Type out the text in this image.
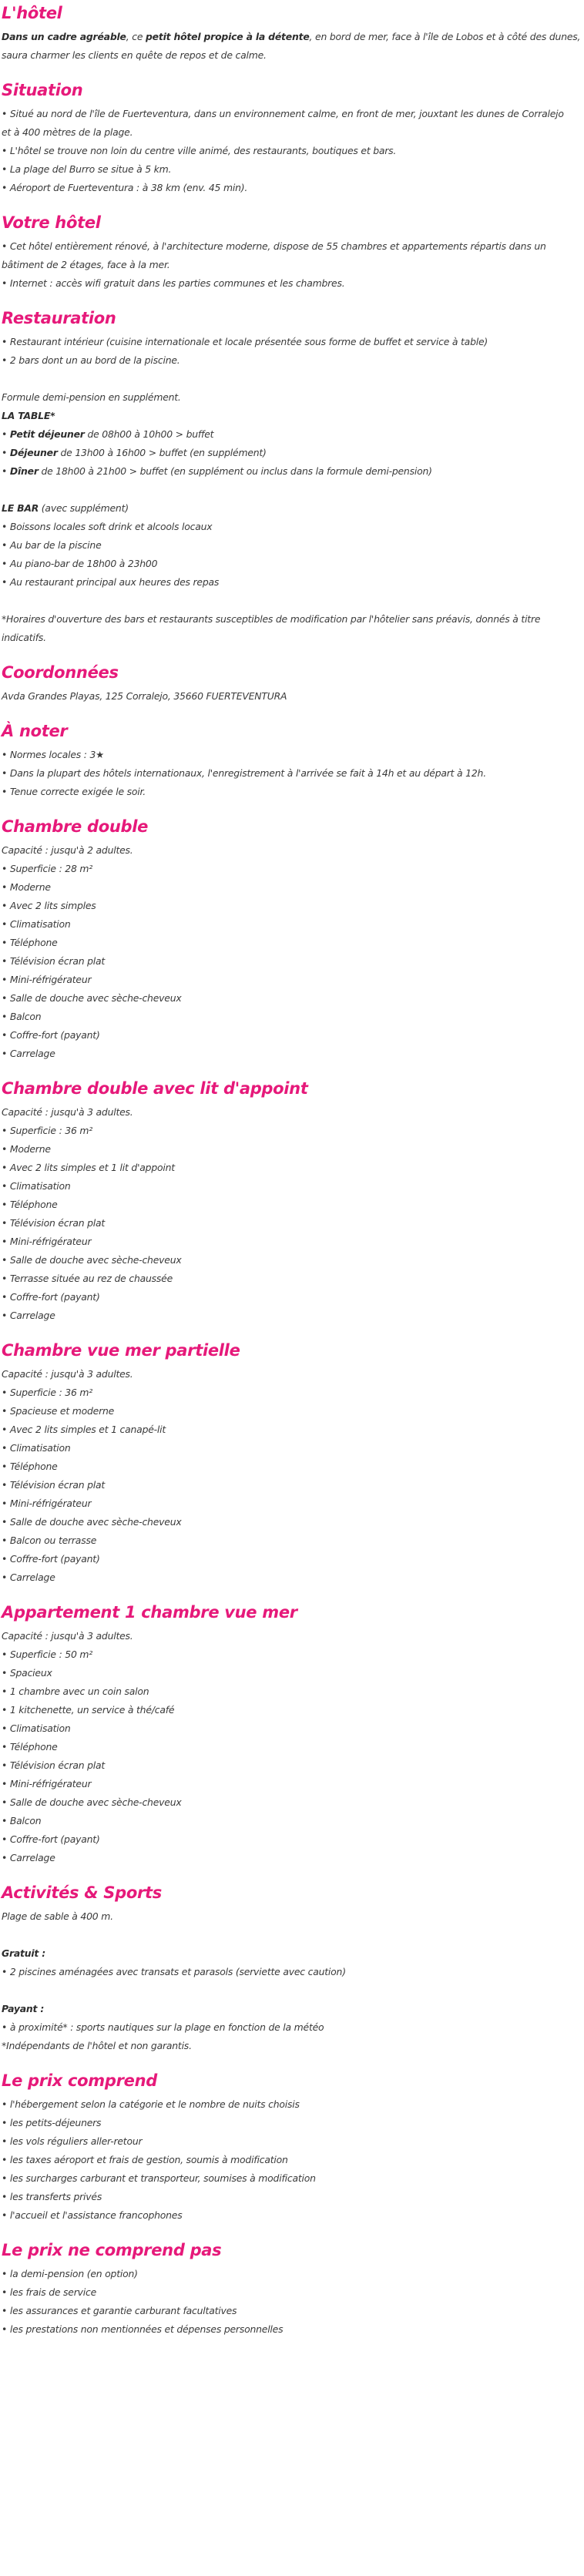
L'hôtel
Dans un cadre agréable, ce petit hôtel propice à la détente, en bord de mer, face à l'île de Lobos et à côté des dunes,
saura charmer les clients en quête de repos et de calme.
Situation
• Situé au nord de l'île de Fuerteventura, dans un environnement calme, en front de mer, jouxtant les dunes de Corralejo
et à 400 mètres de la plage.
• L'hôtel se trouve non loin du centre ville animé, des restaurants, boutiques et bars.
• La plage del Burro se situe à 5 km.
• Aéroport de Fuerteventura : à 38 km (env. 45 min).
Votre hôtel
• Cet hôtel entièrement rénové, à l'architecture moderne, dispose de 55 chambres et appartements répartis dans un
bâtiment de 2 étages, face à la mer.
• Internet : accès wifi gratuit dans les parties communes et les chambres.
Restauration
• Restaurant intérieur (cuisine internationale et locale présentée sous forme de buffet et service à table)
• 2 bars dont un au bord de la piscine.
Formule demi-pension en supplément.
LA TABLE*
• Petit déjeuner de 08h00 à 10h00 > buffet
• Déjeuner de 13h00 à 16h00 > buffet (en supplément)
• Dîner de 18h00 à 21h00 > buffet (en supplément ou inclus dans la formule demi-pension)
LE BAR (avec supplément)
• Boissons locales soft drink et alcools locaux
• Au bar de la piscine
• Au piano-bar de 18h00 à 23h00
• Au restaurant principal aux heures des repas
*Horaires d'ouverture des bars et restaurants susceptibles de modification par l'hôtelier sans préavis, donnés à titre
indicatifs.
Coordonnées
Avda Grandes Playas, 125 Corralejo, 35660 FUERTEVENTURA
À noter
• Normes locales : 3★
• Dans la plupart des hôtels internationaux, l'enregistrement à l'arrivée se fait à 14h et au départ à 12h.
• Tenue correcte exigée le soir.
Chambre double
Capacité : jusqu'à 2 adultes.
• Superficie : 28 m²
• Moderne
• Avec 2 lits simples
• Climatisation
• Téléphone
• Télévision écran plat
• Mini-réfrigérateur
• Salle de douche avec sèche-cheveux
• Balcon
• Coffre-fort (payant)
• Carrelage
Chambre double avec lit d'appoint
Capacité : jusqu'à 3 adultes.
• Superficie : 36 m²
• Moderne
• Avec 2 lits simples et 1 lit d'appoint
• Climatisation
• Téléphone
• Télévision écran plat
• Mini-réfrigérateur
• Salle de douche avec sèche-cheveux
• Terrasse située au rez de chaussée
• Coffre-fort (payant)
• Carrelage
Chambre vue mer partielle
Capacité : jusqu'à 3 adultes.
• Superficie : 36 m²
• Spacieuse et moderne
• Avec 2 lits simples et 1 canapé-lit
• Climatisation
• Téléphone
• Télévision écran plat
• Mini-réfrigérateur
• Salle de douche avec sèche-cheveux
• Balcon ou terrasse
• Coffre-fort (payant)
• Carrelage
Appartement 1 chambre vue mer
Capacité : jusqu'à 3 adultes.
• Superficie : 50 m²
• Spacieux
• 1 chambre avec un coin salon
• 1 kitchenette, un service à thé/café
• Climatisation
• Téléphone
• Télévision écran plat
• Mini-réfrigérateur
• Salle de douche avec sèche-cheveux
• Balcon
• Coffre-fort (payant)
• Carrelage
Activités & Sports
Plage de sable à 400 m.
Gratuit :
• 2 piscines aménagées avec transats et parasols (serviette avec caution)
Payant :
• à proximité* : sports nautiques sur la plage en fonction de la météo
*Indépendants de l'hôtel et non garantis.
Le prix comprend
• l'hébergement selon la catégorie et le nombre de nuits choisis
• les petits-déjeuners
• les vols réguliers aller-retour
• les taxes aéroport et frais de gestion, soumis à modification
• les surcharges carburant et transporteur, soumises à modification
• les transferts privés
• l'accueil et l'assistance francophones
Le prix ne comprend pas
• la demi-pension (en option)
• les frais de service
• les assurances et garantie carburant facultatives
• les prestations non mentionnées et dépenses personnelles
